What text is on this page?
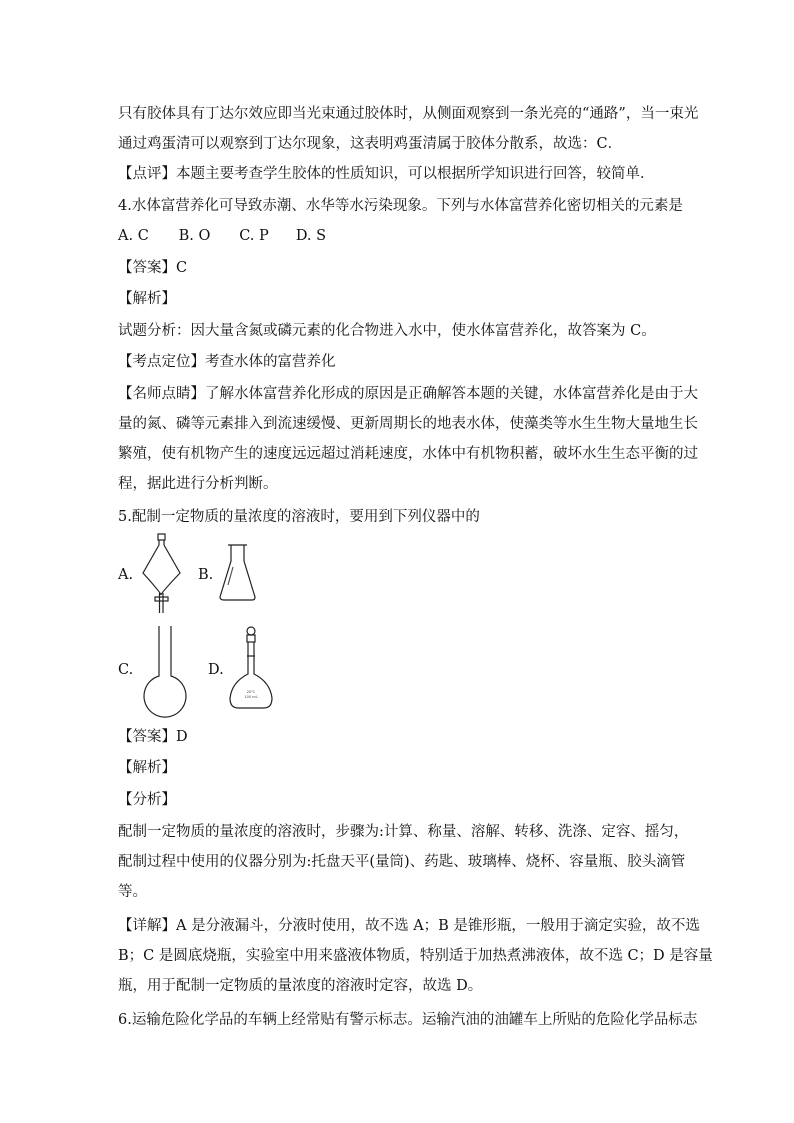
只有胶体具有丁达尔效应即当光束通过胶体时，从侧面观察到一条光亮的“通路”，当一束光
通过鸡蛋清可以观察到丁达尔现象，这表明鸡蛋清属于胶体分散系，故选：C．
【点评】本题主要考查学生胶体的性质知识，可以根据所学知识进行回答，较简单．
4.水体富营养化可导致赤潮、水华等水污染现象。下列与水体富营养化密切相关的元素是
A. C B. O C. P D. S
【答案】C
【解析】
试题分析：因大量含氮或磷元素的化合物进入水中，使水体富营养化，故答案为 C。
【考点定位】考查水体的富营养化
【名师点睛】了解水体富营养化形成的原因是正确解答本题的关键，水体富营养化是由于大
量的氮、磷等元素排入到流速缓慢、更新周期长的地表水体，使藻类等水生生物大量地生长
繁殖，使有机物产生的速度远远超过消耗速度，水体中有机物积蓄，破坏水生生态平衡的过
程，据此进行分析判断。
5.配制一定物质的量浓度的溶液时，要用到下列仪器中的
A.	B.
C.	D.
20℃
100 mL
【答案】D
【解析】
【分析】
配制一定物质的量浓度的溶液时，步骤为:计算、称量、溶解、转移、洗涤、定容、摇匀，
配制过程中使用的仪器分别为:托盘天平(量筒)、药匙、玻璃棒、烧杯、容量瓶、胶头滴管
等。
【详解】A 是分液漏斗，分液时使用，故不选 A；B 是锥形瓶，一般用于滴定实验，故不选
B；C 是圆底烧瓶，实验室中用来盛液体物质，特别适于加热煮沸液体，故不选 C；D 是容量
瓶，用于配制一定物质的量浓度的溶液时定容，故选 D。
6.运输危险化学品的车辆上经常贴有警示标志。运输汽油的油罐车上所贴的危险化学品标志
